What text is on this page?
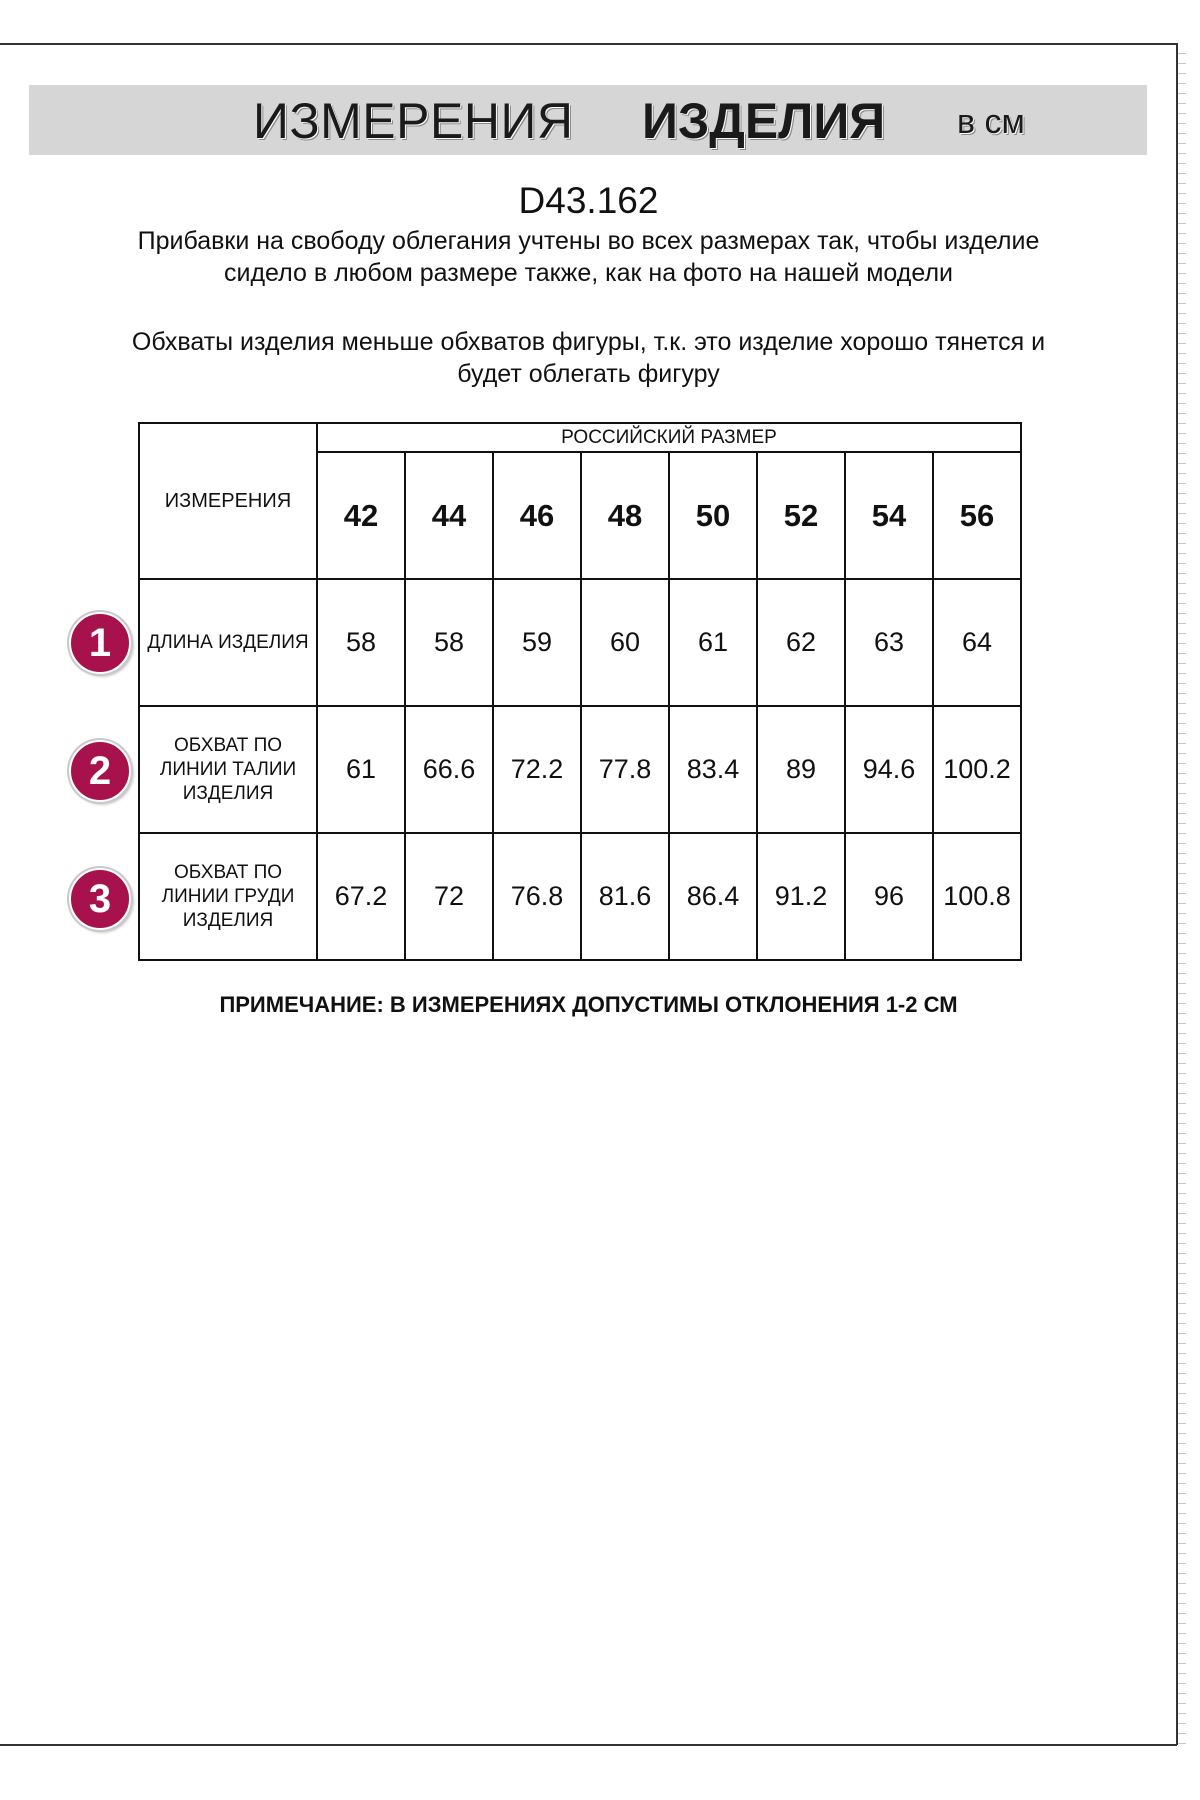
ИЗМЕРЕНИЯ ИЗДЕЛИЯ в см
D43.162
Прибавки на свободу облегания учтены во всех размерах так, чтобы изделие сидело в любом размере также, как на фото на нашей модели
Обхваты изделия меньше обхватов фигуры, т.к. это изделие хорошо тянется и будет облегать фигуру
ИЗМЕРЕНИЯ	РОССИЙСКИЙ РАЗМЕР							
	42	44	46	48	50	52	54	56
ДЛИНА ИЗДЕЛИЯ	58	58	59	60	61	62	63	64
ОБХВАТ ПО ЛИНИИ ТАЛИИ ИЗДЕЛИЯ	61	66.6	72.2	77.8	83.4	89	94.6	100.2
ОБХВАТ ПО ЛИНИИ ГРУДИ ИЗДЕЛИЯ	67.2	72	76.8	81.6	86.4	91.2	96	100.8
1
2
3
ПРИМЕЧАНИЕ: В ИЗМЕРЕНИЯХ ДОПУСТИМЫ ОТКЛОНЕНИЯ 1-2 СМ
